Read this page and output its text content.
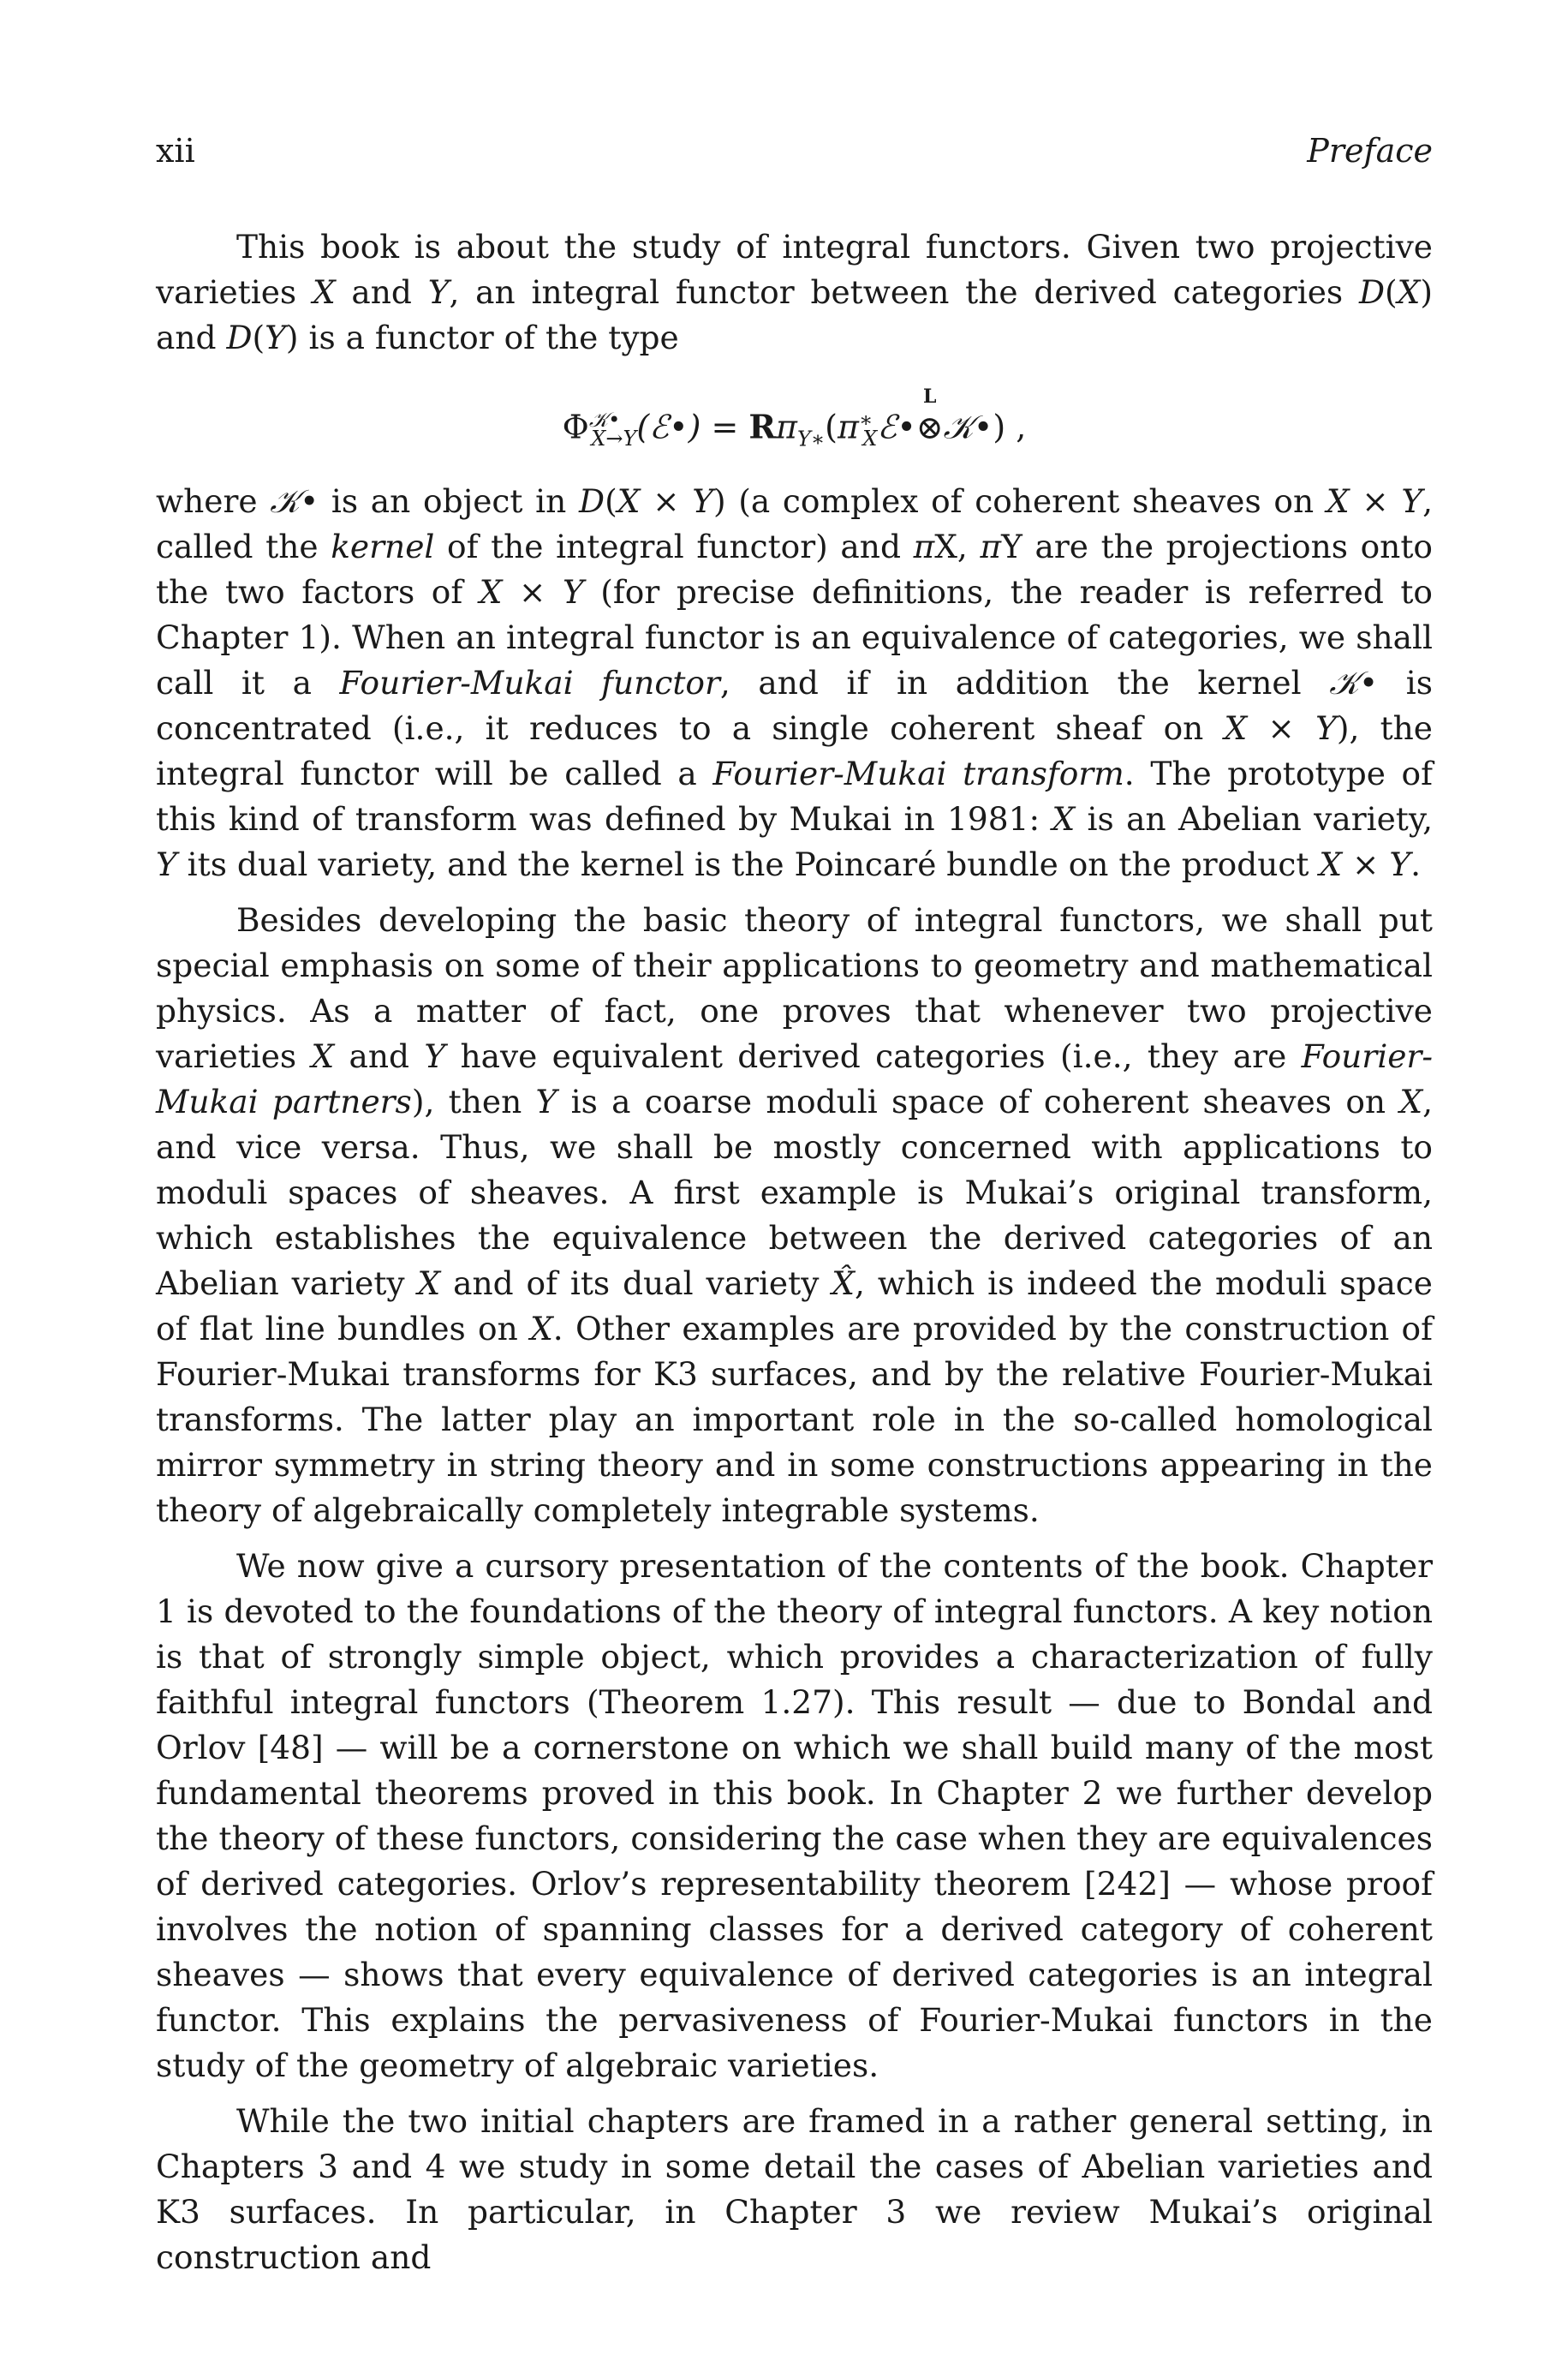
xii	Preface

This book is about the study of integral functors. Given two projective varieties X and Y, an integral functor between the derived categories D(X) and D(Y) is a functor of the type

$\Phi^{𝒦•}_{X\to Y}(ℰ•)$ = $R\pi_{Y∗}(\pi^∗_Xℰ•$
L
⊗𝒦•) ,

where 𝒦• is an object in D(X × Y) (a complex of coherent sheaves on X × Y, called the kernel of the integral functor) and πX, πY are the projections onto the two factors of X × Y (for precise definitions, the reader is referred to Chapter 1). When an integral functor is an equivalence of categories, we shall call it a Fourier-Mukai functor, and if in addition the kernel 𝒦• is concentrated (i.e., it reduces to a single coherent sheaf on X × Y), the integral functor will be called a Fourier-Mukai transform. The prototype of this kind of transform was defined by Mukai in 1981: X is an Abelian variety, Y its dual variety, and the kernel is the Poincaré bundle on the product X × Y.

Besides developing the basic theory of integral functors, we shall put special emphasis on some of their applications to geometry and mathematical physics. As a matter of fact, one proves that whenever two projective varieties X and Y have equivalent derived categories (i.e., they are Fourier-Mukai partners), then Y is a coarse moduli space of coherent sheaves on X, and vice versa. Thus, we shall be mostly concerned with applications to moduli spaces of sheaves. A first example is Mukai’s original transform, which establishes the equivalence between the derived categories of an Abelian variety X and of its dual variety X̂, which is indeed the moduli space of flat line bundles on X. Other examples are provided by the construction of Fourier-Mukai transforms for K3 surfaces, and by the relative Fourier-Mukai transforms. The latter play an important role in the so-called homological mirror symmetry in string theory and in some constructions appearing in the theory of algebraically completely integrable systems.

We now give a cursory presentation of the contents of the book. Chapter 1 is devoted to the foundations of the theory of integral functors. A key notion is that of strongly simple object, which provides a characterization of fully faithful integral functors (Theorem 1.27). This result — due to Bondal and Orlov [48] — will be a cornerstone on which we shall build many of the most fundamental theorems proved in this book. In Chapter 2 we further develop the theory of these functors, considering the case when they are equivalences of derived categories. Orlov’s representability theorem [242] — whose proof involves the notion of spanning classes for a derived category of coherent sheaves — shows that every equivalence of derived categories is an integral functor. This explains the pervasiveness of Fourier-Mukai functors in the study of the geometry of algebraic varieties.

While the two initial chapters are framed in a rather general setting, in Chapters 3 and 4 we study in some detail the cases of Abelian varieties and K3 surfaces. In particular, in Chapter 3 we review Mukai’s original construction and
